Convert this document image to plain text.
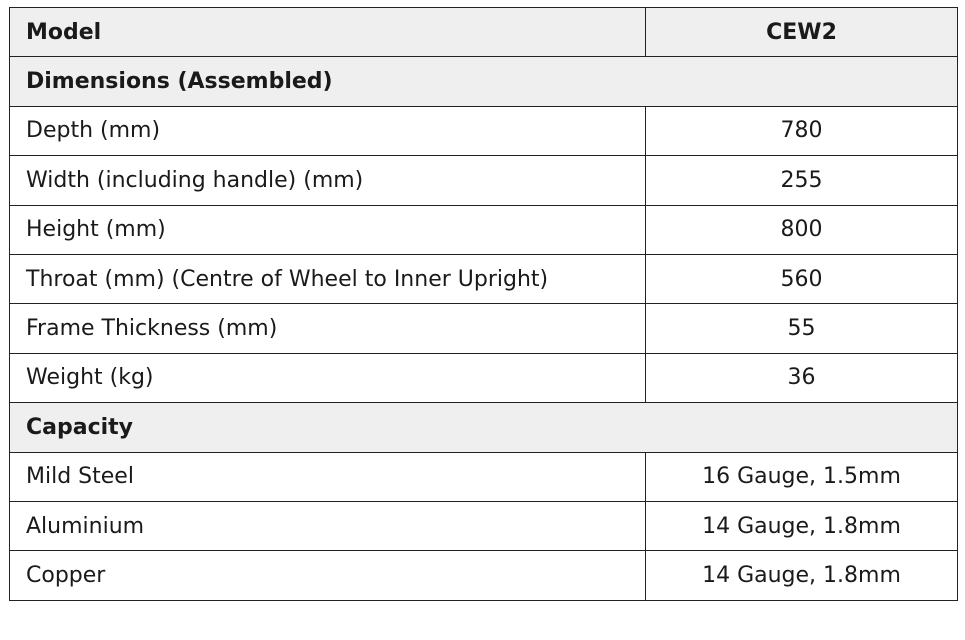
Model	CEW2
Dimensions (Assembled)	
Depth (mm)	780
Width (including handle) (mm)	255
Height (mm)	800
Throat (mm) (Centre of Wheel to Inner Upright)	560
Frame Thickness (mm)	55
Weight (kg)	36
Capacity	
Mild Steel	16 Gauge, 1.5mm
Aluminium	14 Gauge, 1.8mm
Copper	14 Gauge, 1.8mm
